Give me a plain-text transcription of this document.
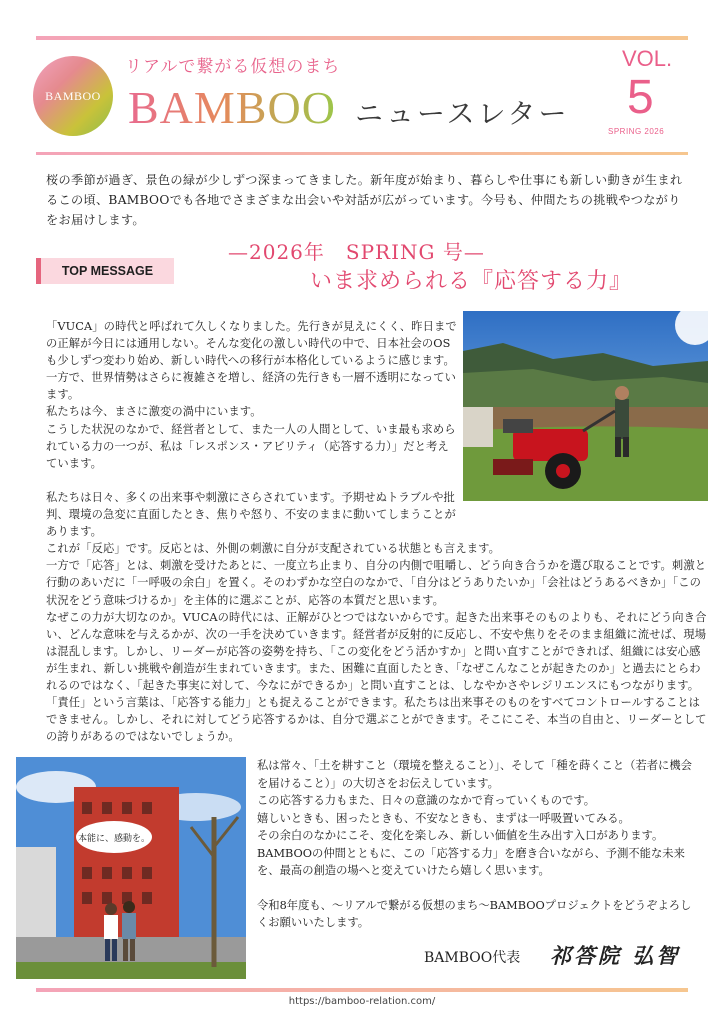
BAMBOO
リアルで繋がる仮想のまち
BAMBOO ニュースレター
VOL.
5
SPRING 2026
桜の季節が過ぎ、景色の緑が少しずつ深まってきました。新年度が始まり、暮らしや仕事にも新しい動きが生まれるこの頃、BAMBOOでも各地でさまざまな出会いや対話が広がっています。今号も、仲間たちの挑戦やつながりをお届けします。
TOP MESSAGE
—2026年　SPRING 号—
いま求められる『応答する力』

「VUCA」の時代と呼ばれて久しくなりました。先行きが見えにくく、昨日までの正解が今日には通用しない。そんな変化の激しい時代の中で、日本社会のOSも少しずつ変わり始め、新しい時代への移行が本格化しているように感じます。

一方で、世界情勢はさらに複雑さを増し、経済の先行きも一層不透明になっています。

私たちは今、まさに激変の渦中にいます。

こうした状況のなかで、経営者として、また一人の人間として、いま最も求められている力の一つが、私は「レスポンス・アビリティ（応答する力）」だと考えています。

私たちは日々、多くの出来事や刺激にさらされています。予期せぬトラブルや批判、環境の急変に直面したとき、焦りや怒り、不安のままに動いてしまうことがあります。

これが「反応」です。反応とは、外側の刺激に自分が支配されている状態とも言えます。

一方で「応答」とは、刺激を受けたあとに、一度立ち止まり、自分の内側で咀嚼し、どう向き合うかを選び取ることです。刺激と行動のあいだに「一呼吸の余白」を置く。そのわずかな空白のなかで、「自分はどうありたいか」「会社はどうあるべきか」「この状況をどう意味づけるか」を主体的に選ぶことが、応答の本質だと思います。

なぜこの力が大切なのか。VUCAの時代には、正解がひとつではないからです。起きた出来事そのものよりも、それにどう向き合い、どんな意味を与えるかが、次の一手を決めていきます。経営者が反射的に反応し、不安や焦りをそのまま組織に流せば、現場は混乱します。しかし、リーダーが応答の姿勢を持ち、「この変化をどう活かすか」と問い直すことができれば、組織には安心感が生まれ、新しい挑戦や創造が生まれていきます。また、困難に直面したとき、「なぜこんなことが起きたのか」と過去にとらわれるのではなく、「起きた事実に対して、今なにができるか」と問い直すことは、しなやかさやレジリエンスにもつながります。

「責任」という言葉は、「応答する能力」とも捉えることができます。私たちは出来事そのものをすべてコントロールすることはできません。しかし、それに対してどう応答するかは、自分で選ぶことができます。そこにこそ、本当の自由と、リーダーとしての誇りがあるのではないでしょうか。

本能に、感動を。

私は常々、「土を耕すこと（環境を整えること）」、そして「種を蒔くこと（若者に機会を届けること）」の大切さをお伝えしています。

この応答する力もまた、日々の意識のなかで育っていくものです。

嬉しいときも、困ったときも、不安なときも、まずは一呼吸置いてみる。

その余白のなかにこそ、変化を楽しみ、新しい価値を生み出す入口があります。

BAMBOOの仲間とともに、この「応答する力」を磨き合いながら、予測不能な未来を、最高の創造の場へと変えていけたら嬉しく思います。

令和8年度も、～リアルで繋がる仮想のまち～BAMBOOプロジェクトをどうぞよろしくお願いいたします。

BAMBOO代表 祁答院 弘智
https://bamboo-relation.com/
